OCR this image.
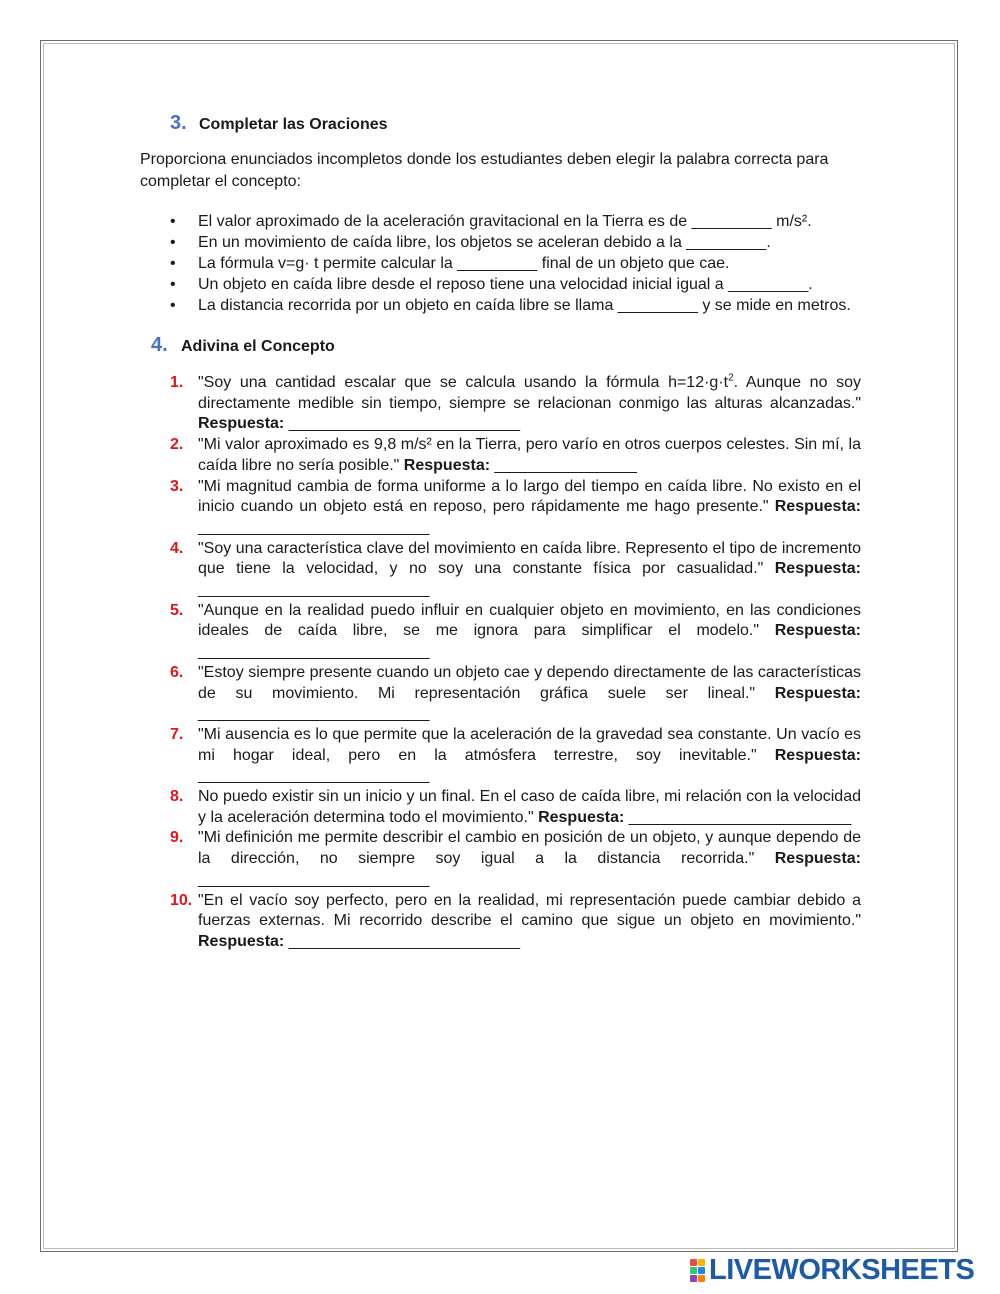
3. Completar las Oraciones

Proporciona enunciados incompletos donde los estudiantes deben elegir la palabra correcta para completar el concepto:

• El valor aproximado de la aceleración gravitacional en la Tierra es de _________ m/s².
• En un movimiento de caída libre, los objetos se aceleran debido a la _________.
• La fórmula v=g· t permite calcular la _________ final de un objeto que cae.
• Un objeto en caída libre desde el reposo tiene una velocidad inicial igual a _________.
• La distancia recorrida por un objeto en caída libre se llama _________ y se mide en metros.
4. Adivina el Concepto
1. "Soy una cantidad escalar que se calcula usando la fórmula $h=12\cdot g\cdot t^2$. Aunque no soy directamente medible sin tiempo, siempre se relacionan conmigo las alturas alcanzadas." Respuesta: __________________________
2. "Mi valor aproximado es 9,8 m/s² en la Tierra, pero varío en otros cuerpos celestes. Sin mí, la caída libre no sería posible." Respuesta: ________________
3. "Mi magnitud cambia de forma uniforme a lo largo del tiempo en caída libre. No existo en el inicio cuando un objeto está en reposo, pero rápidamente me hago presente." Respuesta: __________________________
4. "Soy una característica clave del movimiento en caída libre. Represento el tipo de incremento que tiene la velocidad, y no soy una constante física por casualidad." Respuesta: __________________________
5. "Aunque en la realidad puedo influir en cualquier objeto en movimiento, en las condiciones ideales de caída libre, se me ignora para simplificar el modelo." Respuesta: __________________________
6. "Estoy siempre presente cuando un objeto cae y dependo directamente de las características de su movimiento. Mi representación gráfica suele ser lineal." Respuesta: __________________________
7. "Mi ausencia es lo que permite que la aceleración de la gravedad sea constante. Un vacío es mi hogar ideal, pero en la atmósfera terrestre, soy inevitable." Respuesta: __________________________
8. No puedo existir sin un inicio y un final. En el caso de caída libre, mi relación con la velocidad y la aceleración determina todo el movimiento." Respuesta: _________________________
9. "Mi definición me permite describir el cambio en posición de un objeto, y aunque dependo de la dirección, no siempre soy igual a la distancia recorrida." Respuesta: __________________________
10. "En el vacío soy perfecto, pero en la realidad, mi representación puede cambiar debido a fuerzas externas. Mi recorrido describe el camino que sigue un objeto en movimiento." Respuesta: __________________________
LIVEWORKSHEETS
